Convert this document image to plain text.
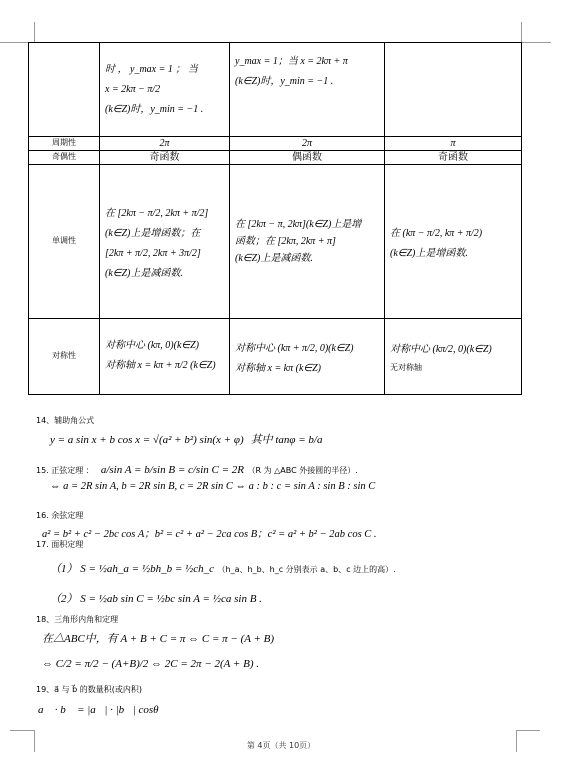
	时 ， y_max = 1 ； 当
x = 2kπ − π/2
(k∈Z)时，y_min = −1 .	y_max = 1；当 x = 2kπ + π
(k∈Z)时，y_min = −1 .	

周期性	2π	2π	π
奇偶性	奇函数	偶函数	奇函数
单调性	在 [2kπ − π/2, 2kπ + π/2]
(k∈Z)上是增函数；在
[2kπ + π/2, 2kπ + 3π/2]
(k∈Z)上是减函数.	在 [2kπ − π, 2kπ](k∈Z)上是增
函数；在 [2kπ, 2kπ + π]
(k∈Z)上是减函数.	在 (kπ − π/2, kπ + π/2)
(k∈Z)上是增函数.

对称性	对称中心 (kπ, 0)(k∈Z)
对称轴 x = kπ + π/2 (k∈Z)	对称中心 (kπ + π/2, 0)(k∈Z)
对称轴 x = kπ (k∈Z)	对称中心 (kπ/2, 0)(k∈Z)
无对称轴
14、辅助角公式
y = a sin x + b cos x = √(a² + b²) sin(x + φ) 其中 tanφ = b/a
15. 正弦定理 ： a/sin A = b/sin B = c/sin C = 2R （R 为 △ABC 外接圆的半径）.
⇔ a = 2R sin A, b = 2R sin B, c = 2R sin C ⇔ a : b : c = sin A : sin B : sin C
16. 余弦定理
a² = b² + c² − 2bc cos A；b² = c² + a² − 2ca cos B；c² = a² + b² − 2ab cos C .
17. 面积定理
（1） S = ½ah_a = ½bh_b = ½ch_c （h_a、h_b、h_c 分别表示 a、b、c 边上的高）.
（2） S = ½ab sin C = ½bc sin A = ½ca sin B .
18、三角形内角和定理
在△ABC中，有 A + B + C = π ⇔ C = π − (A + B)
⇔ C/2 = π/2 − (A+B)/2 ⇔ 2C = 2π − 2(A + B) .
19、a⃗ 与 b⃗ 的数量积(或内积)
a⃗ · b⃗ = |a⃗| · |b⃗| cosθ
第 4页（共 10页）
